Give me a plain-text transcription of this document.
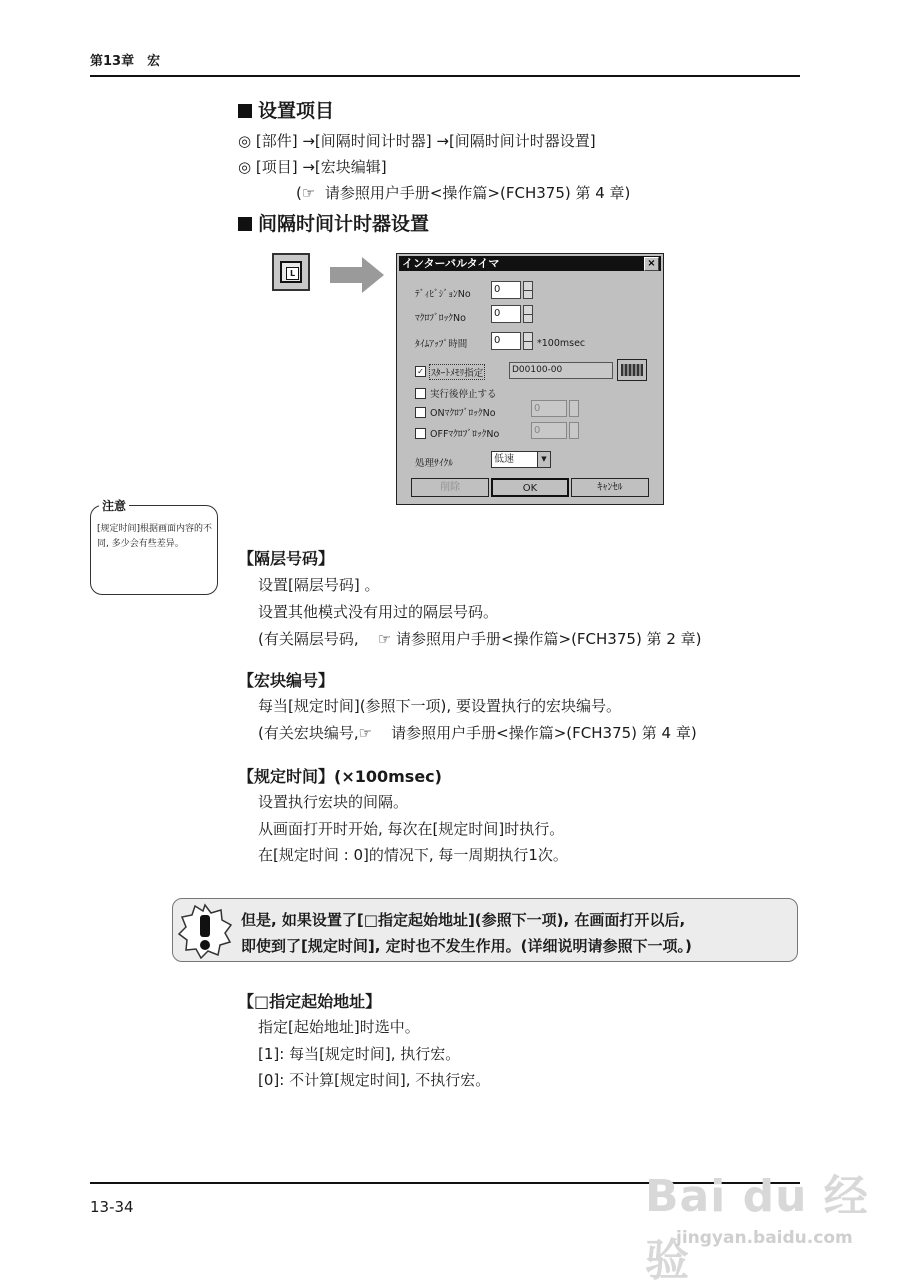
第13章　宏
设置项目
◎ [部件] →[间隔时间计时器] →[间隔时间计时器设置]
◎ [项目] →[宏块编辑]
(☞ 请参照用户手册<操作篇>(FCH375) 第 4 章)
间隔时间计时器设置
L
インターバルタイマ	×
ﾃﾞｨﾋﾞｼﾞｮﾝNo	0
ﾏｸﾛﾌﾞﾛｯｸNo	0
ﾀｲﾑｱｯﾌﾟ時間	0	*100msec
✓ ｽﾀｰﾄﾒﾓﾘ指定	D00100-00
実行後停止する
ONﾏｸﾛﾌﾞﾛｯｸNo	0
OFFﾏｸﾛﾌﾞﾛｯｸNo	0
処理ｻｲｸﾙ	低速	▼
削除	OK	ｷｬﾝｾﾙ
注意
[规定时间]根据画面内容的不同, 多少会有些差异。
【隔层号码】
设置[隔层号码] 。
设置其他模式没有用过的隔层号码。
(有关隔层号码, ☞ 请参照用户手册<操作篇>(FCH375) 第 2 章)
【宏块编号】
每当[规定时间](参照下一项), 要设置执行的宏块编号。
(有关宏块编号,☞ 请参照用户手册<操作篇>(FCH375) 第 4 章)
【规定时间】(×100msec)
设置执行宏块的间隔。
从画面打开时开始, 每次在[规定时间]时执行。
在[规定时间 : 0]的情况下, 每一周期执行1次。
但是, 如果设置了[□指定起始地址](参照下一项), 在画面打开以后,
即使到了[规定时间], 定时也不发生作用。(详细说明请参照下一项。)
【□指定起始地址】
指定[起始地址]时选中。
[1]: 每当[规定时间], 执行宏。
[0]: 不计算[规定时间], 不执行宏。
13-34	Bai du 经验
jingyan.baidu.com
